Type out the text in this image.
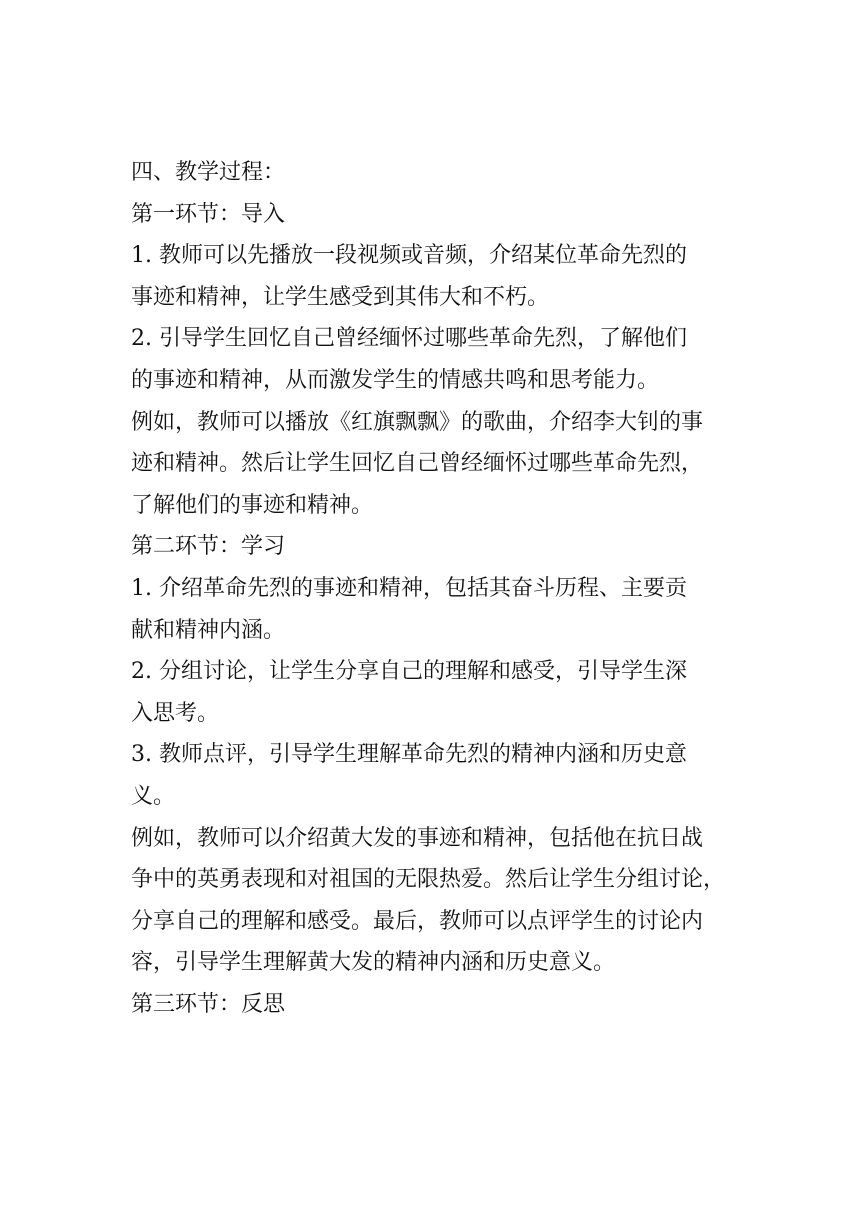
四、教学过程：
第一环节：导入
1. 教师可以先播放一段视频或音频，介绍某位革命先烈的
事迹和精神，让学生感受到其伟大和不朽。
2. 引导学生回忆自己曾经缅怀过哪些革命先烈，了解他们
的事迹和精神，从而激发学生的情感共鸣和思考能力。
例如，教师可以播放《红旗飘飘》的歌曲，介绍李大钊的事
迹和精神。然后让学生回忆自己曾经缅怀过哪些革命先烈，
了解他们的事迹和精神。
第二环节：学习
1. 介绍革命先烈的事迹和精神，包括其奋斗历程、主要贡
献和精神内涵。
2. 分组讨论，让学生分享自己的理解和感受，引导学生深
入思考。
3. 教师点评，引导学生理解革命先烈的精神内涵和历史意
义。
例如，教师可以介绍黄大发的事迹和精神，包括他在抗日战
争中的英勇表现和对祖国的无限热爱。然后让学生分组讨论，
分享自己的理解和感受。最后，教师可以点评学生的讨论内
容，引导学生理解黄大发的精神内涵和历史意义。
第三环节：反思
